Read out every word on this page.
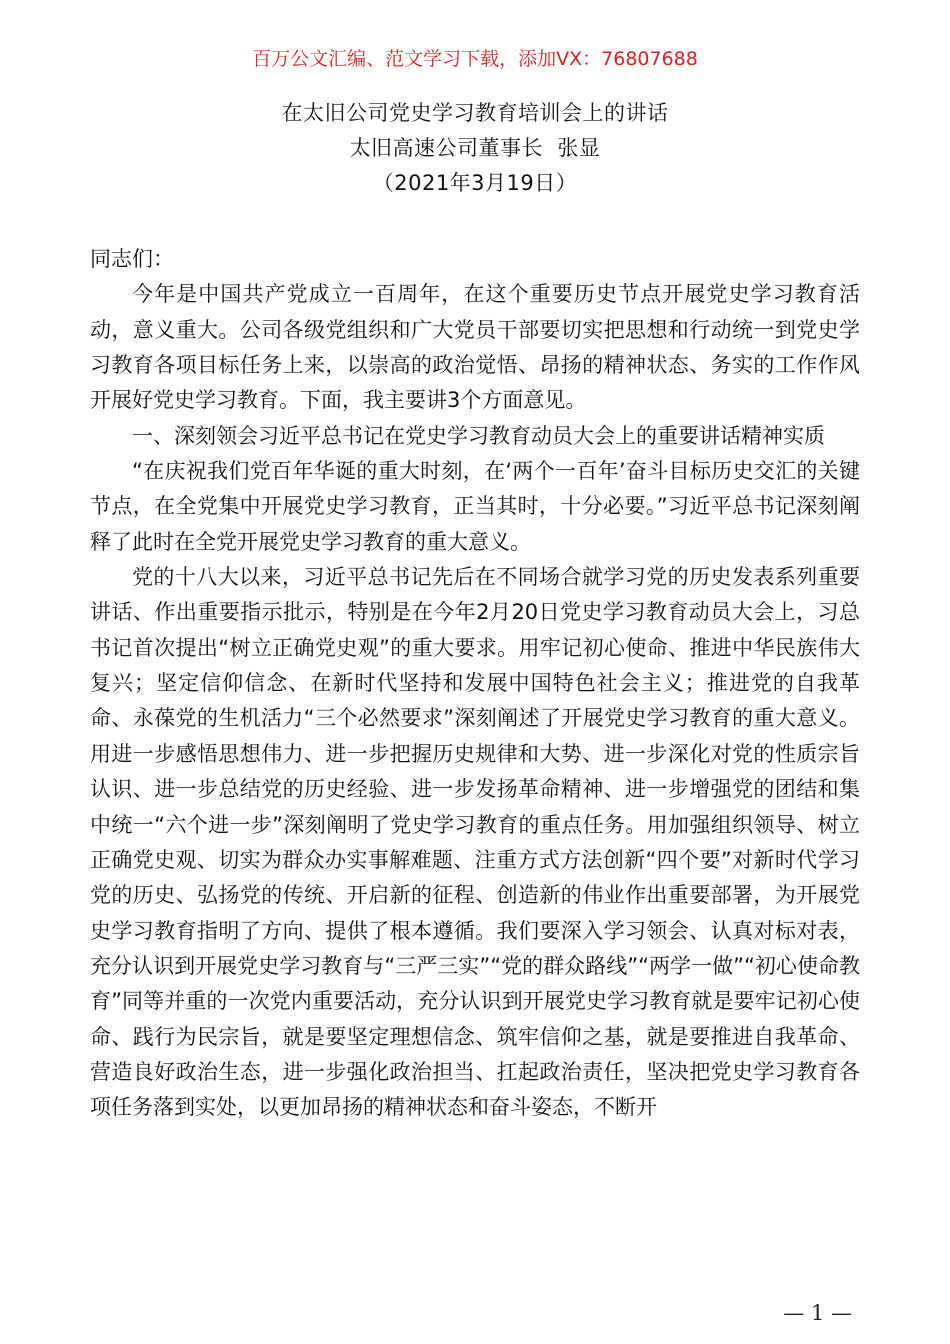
百万公文汇编、范文学习下载，添加VX：76807688
在太旧公司党史学习教育培训会上的讲话
太旧高速公司董事长  张显
（2021年3月19日）

同志们：

今年是中国共产党成立一百周年，在这个重要历史节点开展党史学习教育活动，意义重大。公司各级党组织和广大党员干部要切实把思想和行动统一到党史学习教育各项目标任务上来，以崇高的政治觉悟、昂扬的精神状态、务实的工作作风开展好党史学习教育。下面，我主要讲3个方面意见。

一、深刻领会习近平总书记在党史学习教育动员大会上的重要讲话精神实质

“在庆祝我们党百年华诞的重大时刻，在‘两个一百年’奋斗目标历史交汇的关键节点，在全党集中开展党史学习教育，正当其时，十分必要。”习近平总书记深刻阐释了此时在全党开展党史学习教育的重大意义。

党的十八大以来，习近平总书记先后在不同场合就学习党的历史发表系列重要讲话、作出重要指示批示，特别是在今年2月20日党史学习教育动员大会上，习总书记首次提出“树立正确党史观”的重大要求。用牢记初心使命、推进中华民族伟大复兴；坚定信仰信念、在新时代坚持和发展中国特色社会主义；推进党的自我革命、永葆党的生机活力“三个必然要求”深刻阐述了开展党史学习教育的重大意义。用进一步感悟思想伟力、进一步把握历史规律和大势、进一步深化对党的性质宗旨认识、进一步总结党的历史经验、进一步发扬革命精神、进一步增强党的团结和集中统一“六个进一步”深刻阐明了党史学习教育的重点任务。用加强组织领导、树立正确党史观、切实为群众办实事解难题、注重方式方法创新“四个要”对新时代学习党的历史、弘扬党的传统、开启新的征程、创造新的伟业作出重要部署，为开展党史学习教育指明了方向、提供了根本遵循。我们要深入学习领会、认真对标对表，充分认识到开展党史学习教育与“三严三实”“党的群众路线”“两学一做”“初心使命教育”同等并重的一次党内重要活动，充分认识到开展党史学习教育就是要牢记初心使命、践行为民宗旨，就是要坚定理想信念、筑牢信仰之基，就是要推进自我革命、营造良好政治生态，进一步强化政治担当、扛起政治责任，坚决把党史学习教育各项任务落到实处，以更加昂扬的精神状态和奋斗姿态，不断开

— 1 —
